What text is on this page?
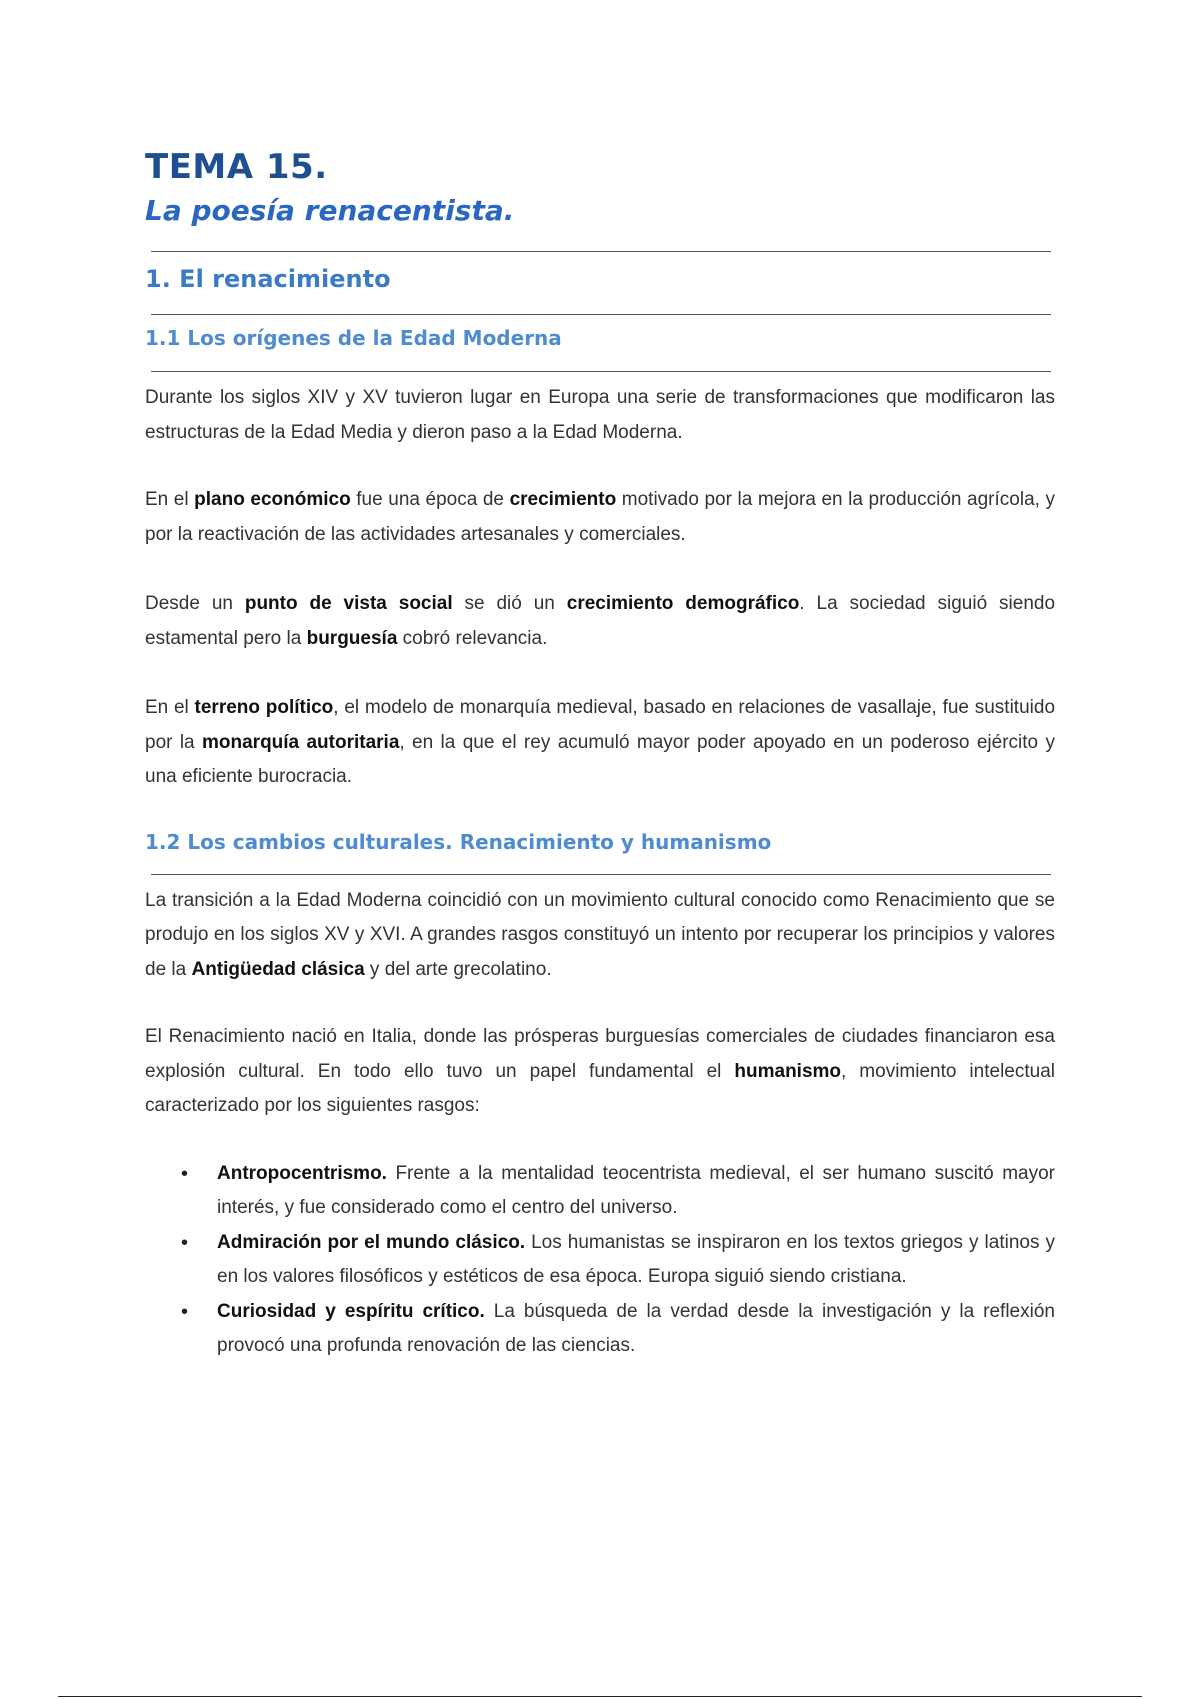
TEMA 15.
La poesía renacentista.
1. El renacimiento
1.1 Los orígenes de la Edad Moderna

Durante los siglos XIV y XV tuvieron lugar en Europa una serie de transformaciones que modificaron las estructuras de la Edad Media y dieron paso a la Edad Moderna.

En el plano económico fue una época de crecimiento motivado por la mejora en la producción agrícola, y por la reactivación de las actividades artesanales y comerciales.

Desde un punto de vista social se dió un crecimiento demográfico. La sociedad siguió siendo estamental pero la burguesía cobró relevancia.

En el terreno político, el modelo de monarquía medieval, basado en relaciones de vasallaje, fue sustituido por la monarquía autoritaria, en la que el rey acumuló mayor poder apoyado en un poderoso ejército y una eficiente burocracia.

1.2 Los cambios culturales. Renacimiento y humanismo

La transición a la Edad Moderna coincidió con un movimiento cultural conocido como Renacimiento que se produjo en los siglos XV y XVI. A grandes rasgos constituyó un intento por recuperar los principios y valores de la Antigüedad clásica y del arte grecolatino.

El Renacimiento nació en Italia, donde las prósperas burguesías comerciales de ciudades financiaron esa explosión cultural. En todo ello tuvo un papel fundamental el humanismo, movimiento intelectual caracterizado por los siguientes rasgos:

• Antropocentrismo. Frente a la mentalidad teocentrista medieval, el ser humano suscitó mayor interés, y fue considerado como el centro del universo.
• Admiración por el mundo clásico. Los humanistas se inspiraron en los textos griegos y latinos y en los valores filosóficos y estéticos de esa época. Europa siguió siendo cristiana.
• Curiosidad y espíritu crítico. La búsqueda de la verdad desde la investigación y la reflexión provocó una profunda renovación de las ciencias.
